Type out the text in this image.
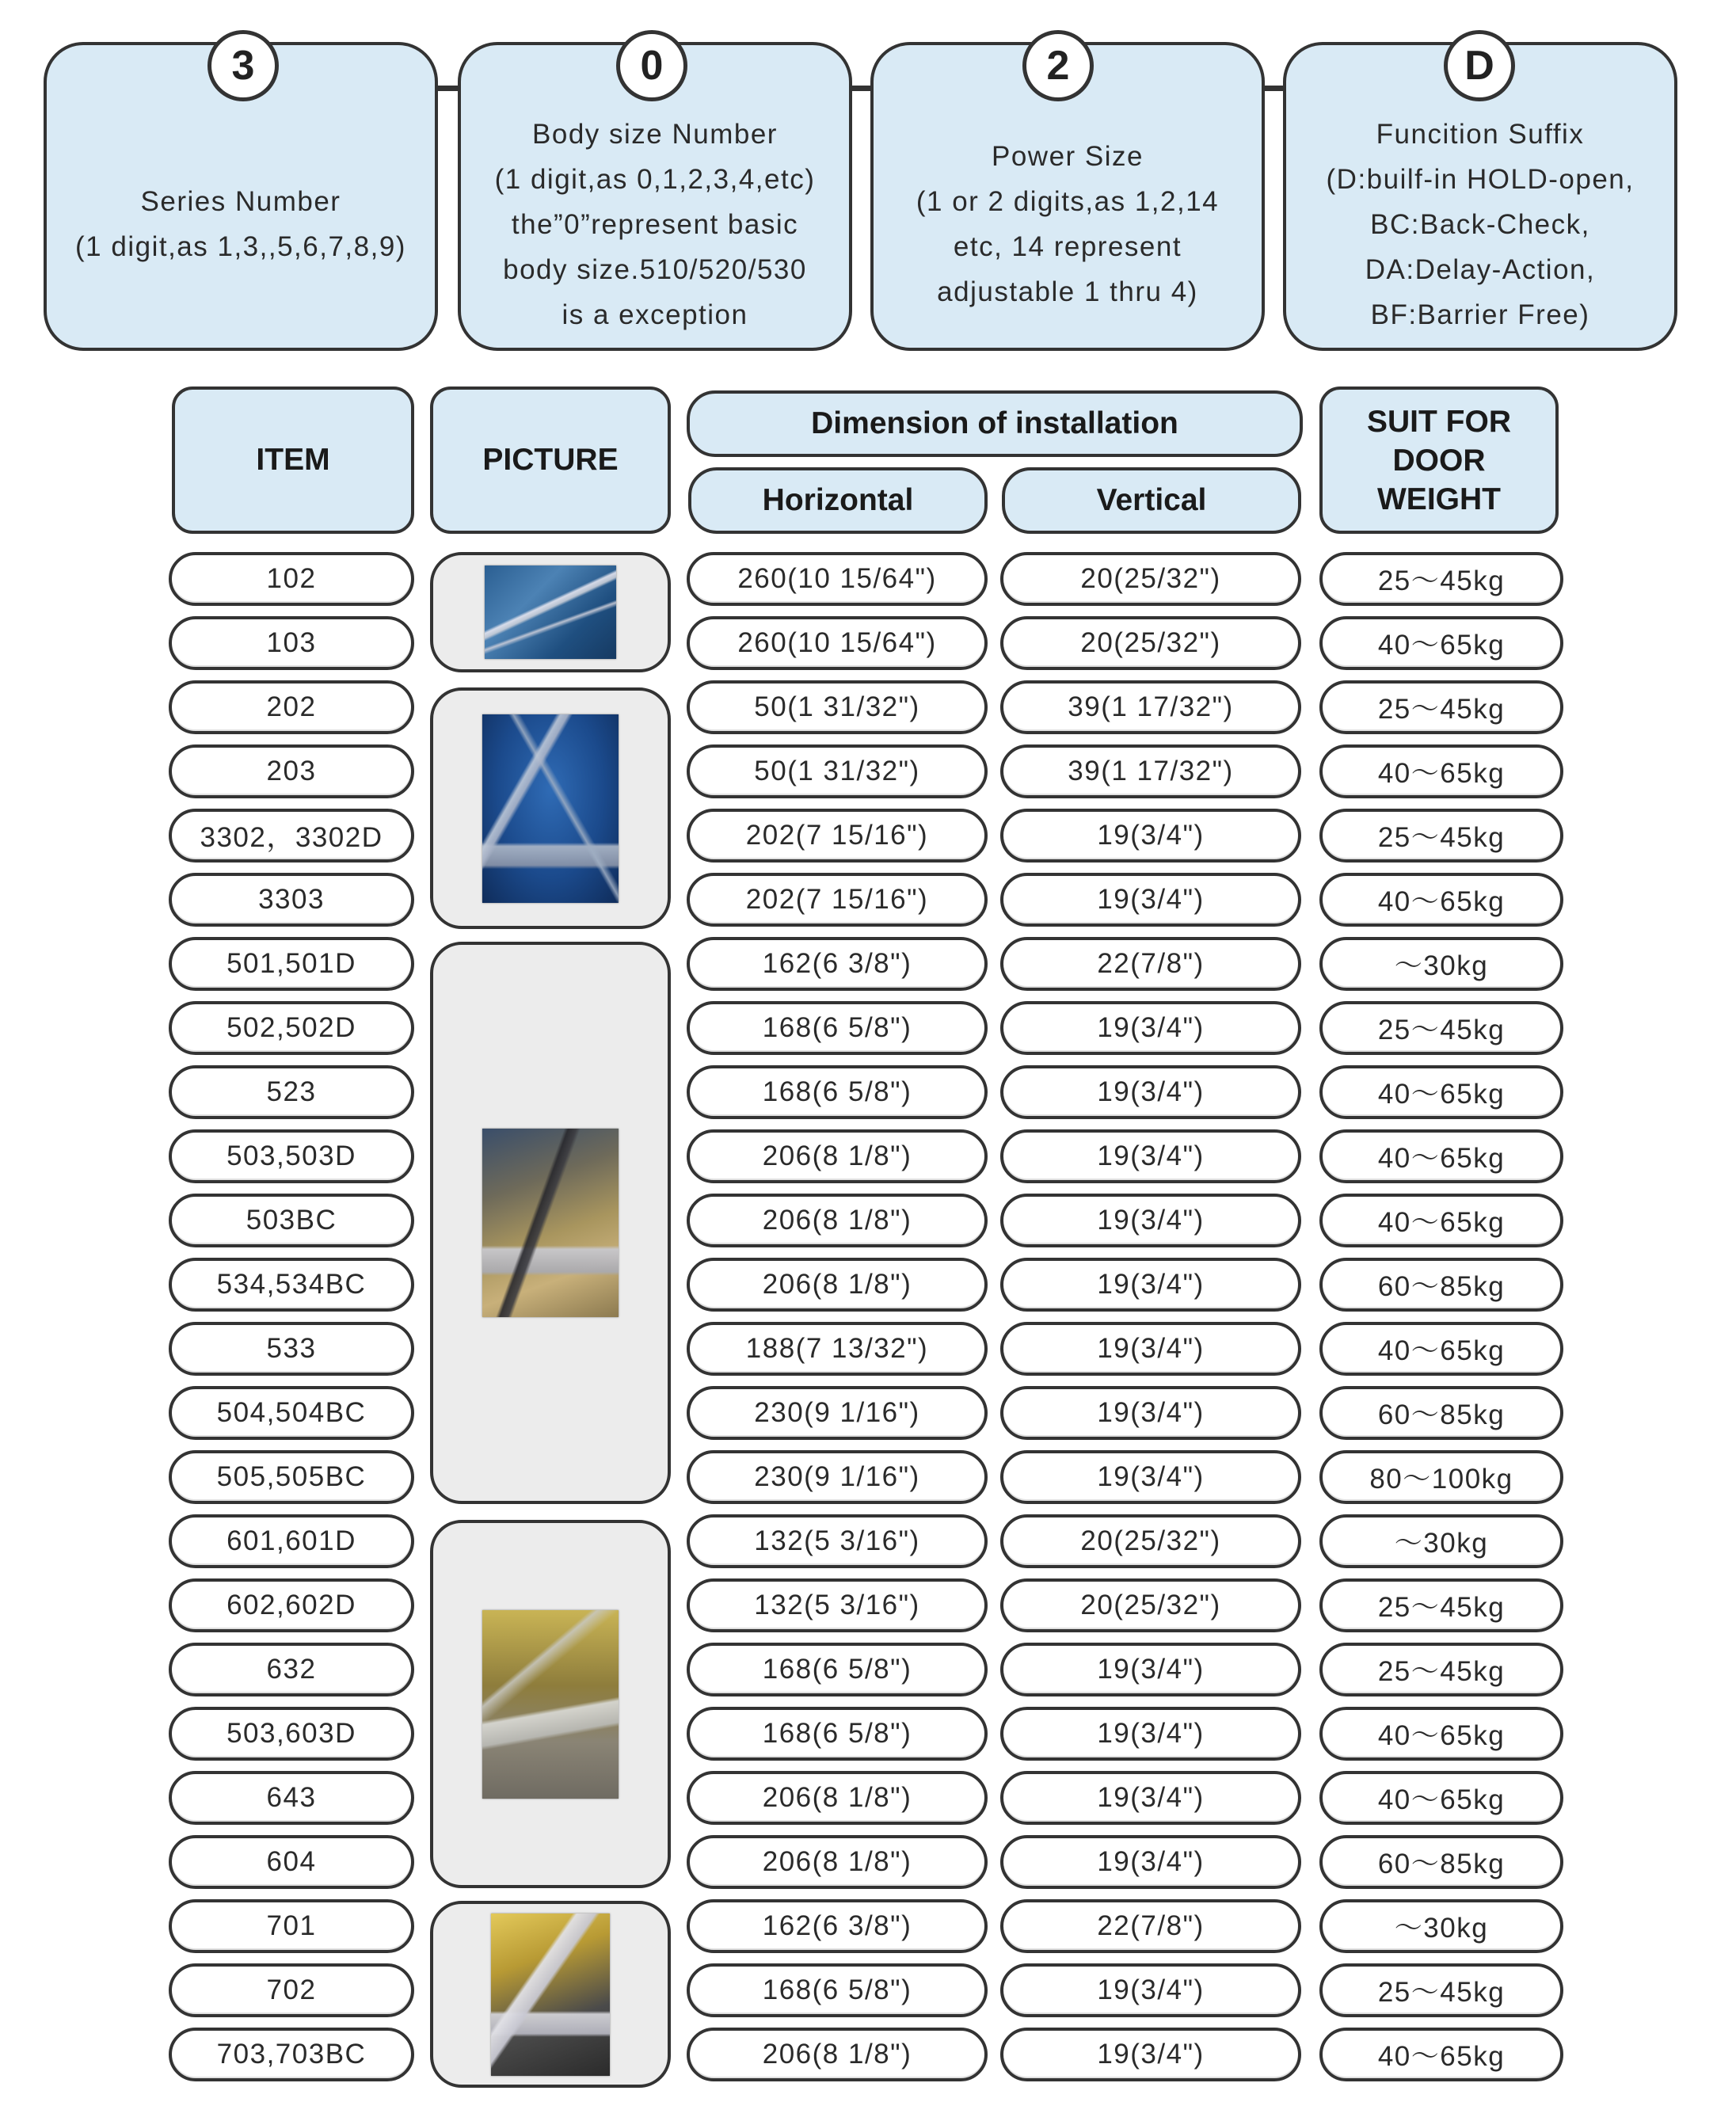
Series Number
(1 digit,as 1,3,,5,6,7,8,9)
Body size Number
(1 digit,as 0,1,2,3,4,etc)
the”0”represent basic
body size.510/520/530
is a exception
Power Size
(1 or 2 digits,as 1,2,14
etc, 14 represent
adjustable 1 thru 4)
Funcition Suffix
(D:builf-in HOLD-open,
BC:Back-Check,
DA:Delay-Action,
BF:Barrier Free)
3	0	2	D
ITEM	PICTURE
Dimension of installation
Horizontal	Vertical
SUIT FOR
DOOR
WEIGHT
102	260(10 15/64")	20(25/32")	25～45kg
103	260(10 15/64")	20(25/32")	40～65kg
202	50(1 31/32")	39(1 17/32")	25～45kg
203	50(1 31/32")	39(1 17/32")	40～65kg
3302，3302D	202(7 15/16")	19(3/4")	25～45kg
3303	202(7 15/16")	19(3/4")	40～65kg
501,501D	162(6 3/8")	22(7/8")	～30kg
502,502D	168(6 5/8")	19(3/4")	25～45kg
523	168(6 5/8")	19(3/4")	40～65kg
503,503D	206(8 1/8")	19(3/4")	40～65kg
503BC	206(8 1/8")	19(3/4")	40～65kg
534,534BC	206(8 1/8")	19(3/4")	60～85kg
533	188(7 13/32")	19(3/4")	40～65kg
504,504BC	230(9 1/16")	19(3/4")	60～85kg
505,505BC	230(9 1/16")	19(3/4")	80～100kg
601,601D	132(5 3/16")	20(25/32")	～30kg
602,602D	132(5 3/16")	20(25/32")	25～45kg
632	168(6 5/8")	19(3/4")	25～45kg
503,603D	168(6 5/8")	19(3/4")	40～65kg
643	206(8 1/8")	19(3/4")	40～65kg
604	206(8 1/8")	19(3/4")	60～85kg
701	162(6 3/8")	22(7/8")	～30kg
702	168(6 5/8")	19(3/4")	25～45kg
703,703BC	206(8 1/8")	19(3/4")	40～65kg
